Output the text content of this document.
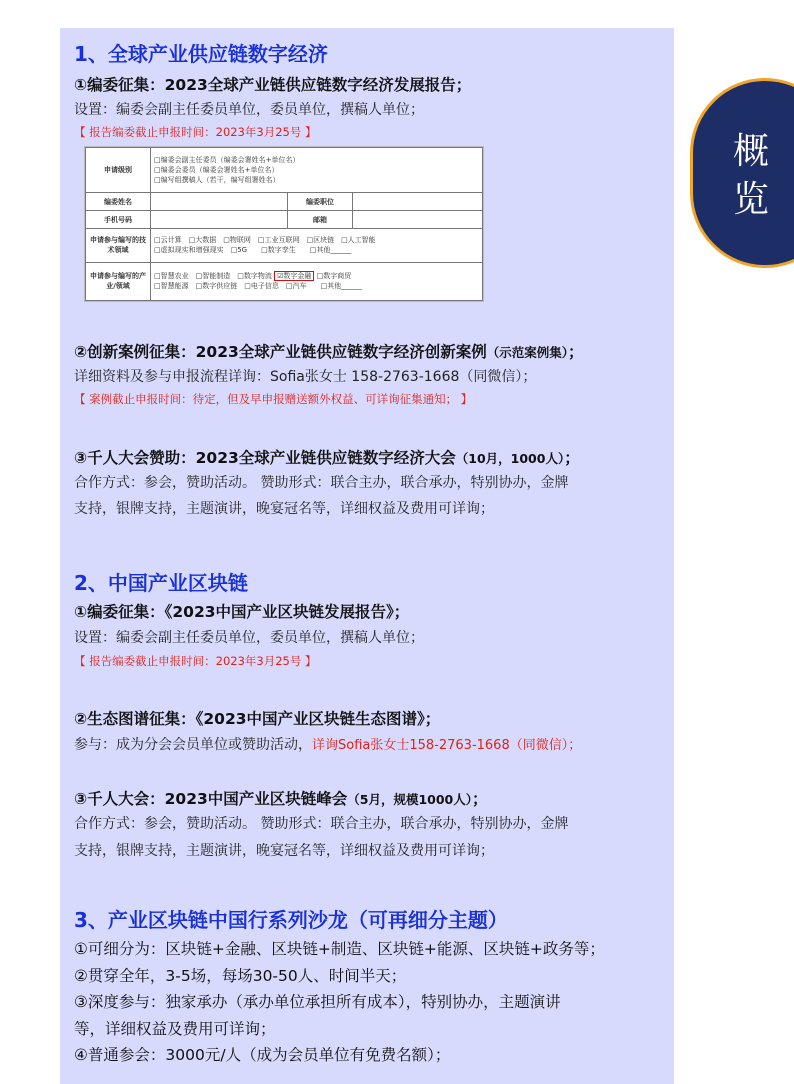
概
览
1、全球产业供应链数字经济
①编委征集：2023全球产业链供应链数字经济发展报告；
设置：编委会副主任委员单位，委员单位，撰稿人单位；
【 报告编委截止申报时间：2023年3月25号 】
申请级别	□编委会副主任委员（编委会署姓名+单位名）
□编委会委员（编委会署姓名+单位名）
□编写组撰稿人（若干，编写组署姓名）		

编委姓名		编委职位	
手机号码		邮箱	
申请参与编写的技术领域	□云计算　□大数据　□物联网　□工业互联网　□区块链　□人工智能
□虚拟现实和增强现实　□5G　　□数字孪生　　□其他______		

申请参与编写的产业/领域	□智慧农业　□智能制造　□数字物流 ☑数字金融 □数字商贸
□智慧能源　□数字供应链　□电子信息　□汽车　　□其他______		
②创新案例征集：2023全球产业链供应链数字经济创新案例（示范案例集）；
详细资料及参与申报流程详询：Sofia张女士 158-2763-1668（同微信）；
【 案例截止申报时间：待定，但及早申报赠送额外权益、可详询征集通知； 】
③千人大会赞助：2023全球产业链供应链数字经济大会（10月，1000人）；
合作方式：参会，赞助活动。 赞助形式：联合主办，联合承办，特别协办，金牌
支持，银牌支持，主题演讲，晚宴冠名等，详细权益及费用可详询；
2、中国产业区块链
①编委征集：《2023中国产业区块链发展报告》；
设置：编委会副主任委员单位，委员单位，撰稿人单位；
【 报告编委截止申报时间：2023年3月25号 】
②生态图谱征集：《2023中国产业区块链生态图谱》；
参与：成为分会会员单位或赞助活动，详询Sofia张女士158-2763-1668（同微信）；
③千人大会：2023中国产业区块链峰会（5月，规模1000人）；
合作方式：参会，赞助活动。 赞助形式：联合主办，联合承办，特别协办，金牌
支持，银牌支持，主题演讲，晚宴冠名等，详细权益及费用可详询；
3、产业区块链中国行系列沙龙（可再细分主题）
①可细分为：区块链+金融、区块链+制造、区块链+能源、区块链+政务等；
②贯穿全年，3-5场，每场30-50人、时间半天；
③深度参与：独家承办（承办单位承担所有成本），特别协办，主题演讲
等，详细权益及费用可详询；
④普通参会：3000元/人（成为会员单位有免费名额）；
